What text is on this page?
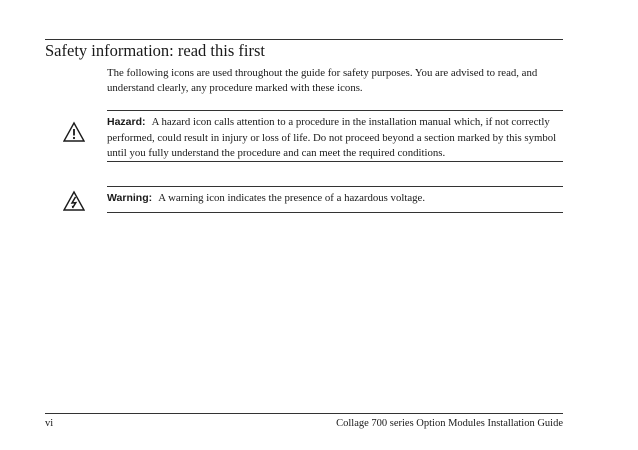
Safety information: read this first
The following icons are used throughout the guide for safety purposes. You are advised to read, and understand clearly, any procedure marked with these icons.
Hazard: A hazard icon calls attention to a procedure in the installation manual which, if not correctly performed, could result in injury or loss of life. Do not proceed beyond a section marked by this symbol until you fully understand the procedure and can meet the required conditions.
Warning: A warning icon indicates the presence of a hazardous voltage.
vi	Collage 700 series Option Modules Installation Guide
